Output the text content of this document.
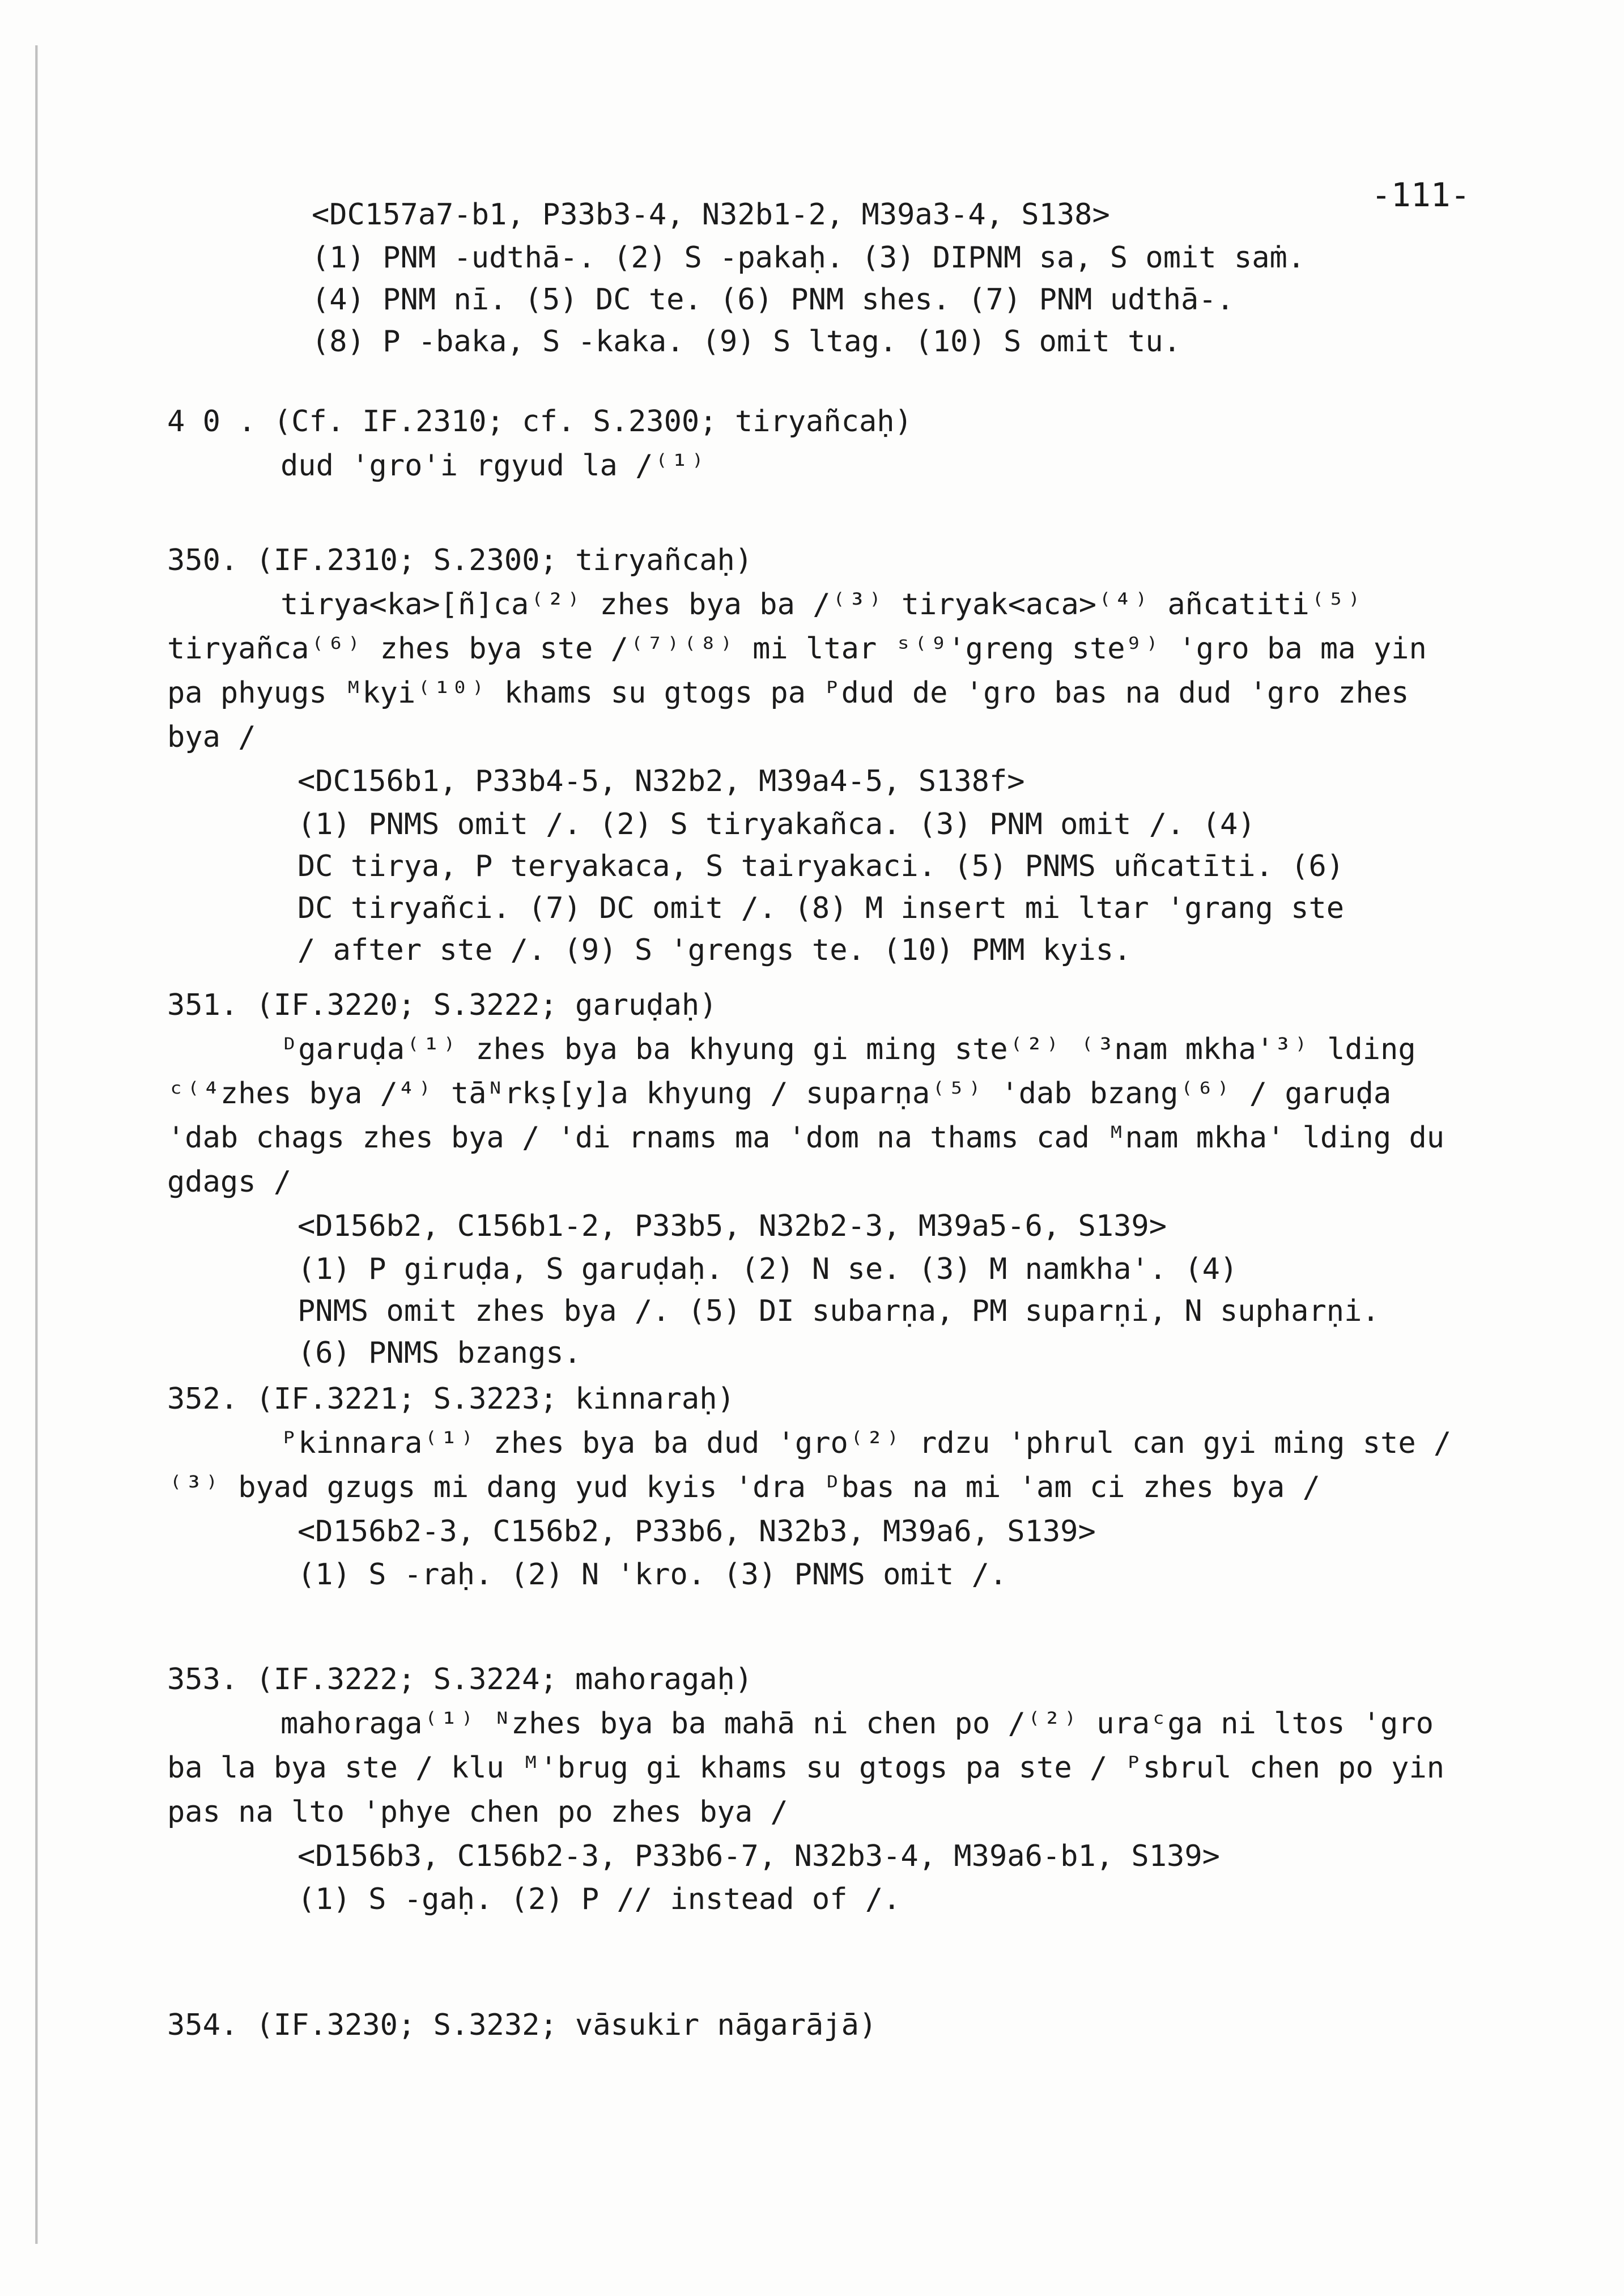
-111-
<DC157a7-b1, P33b3-4, N32b1-2, M39a3-4, S138>
(1) PNM -udthā-. (2) S -pakaḥ. (3) DIPNM sa, S omit saṁ.
(4) PNM nī. (5) DC te. (6) PNM shes. (7) PNM udthā-.
(8) P -baka, S -kaka. (9) S ltag. (10) S omit tu.

4 0 . (Cf. IF.2310; cf. S.2300; tiryañcaḥ)

dud 'gro'i rgyud la /⁽¹⁾

350. (IF.2310; S.2300; tiryañcaḥ)

tirya<ka>[ñ]ca⁽²⁾ zhes bya ba /⁽³⁾ tiryak<aca>⁽⁴⁾ añcatiti⁽⁵⁾ tiryañca⁽⁶⁾ zhes bya ste /⁽⁷⁾⁽⁸⁾ mi ltar ˢ⁽⁹'greng ste⁹⁾ 'gro ba ma yin pa phyugs ᴹkyi⁽¹⁰⁾ khams su gtogs pa ᴾdud de 'gro bas na dud 'gro zhes bya /

<DC156b1, P33b4-5, N32b2, M39a4-5, S138f>
(1) PNMS omit /. (2) S tiryakañca. (3) PNM omit /. (4)
DC tirya, P teryakaca, S tairyakaci. (5) PNMS uñcatīti. (6)
DC tiryañci. (7) DC omit /. (8) M insert mi ltar 'grang ste
/ after ste /. (9) S 'grengs te. (10) PMM kyis.

351. (IF.3220; S.3222; garuḍaḥ)

ᴰgaruḍa⁽¹⁾ zhes bya ba khyung gi ming ste⁽²⁾ ⁽³nam mkha'³⁾ lding ᶜ⁽⁴zhes bya /⁴⁾ tāᴺrkṣ[y]a khyung / suparṇa⁽⁵⁾ 'dab bzang⁽⁶⁾ / garuḍa 'dab chags zhes bya / 'di rnams ma 'dom na thams cad ᴹnam mkha' lding du gdags /

<D156b2, C156b1-2, P33b5, N32b2-3, M39a5-6, S139>
(1) P giruḍa, S garuḍaḥ. (2) N se. (3) M namkha'. (4)
PNMS omit zhes bya /. (5) DI subarṇa, PM suparṇi, N supharṇi.
(6) PNMS bzangs.

352. (IF.3221; S.3223; kinnaraḥ)

ᴾkinnara⁽¹⁾ zhes bya ba dud 'gro⁽²⁾ rdzu 'phrul can gyi ming ste /⁽³⁾ byad gzugs mi dang yud kyis 'dra ᴰbas na mi 'am ci zhes bya /

<D156b2-3, C156b2, P33b6, N32b3, M39a6, S139>
(1) S -raḥ. (2) N 'kro. (3) PNMS omit /.

353. (IF.3222; S.3224; mahoragaḥ)

mahoraga⁽¹⁾ ᴺzhes bya ba mahā ni chen po /⁽²⁾ uraᶜga ni ltos 'gro ba la bya ste / klu ᴹ'brug gi khams su gtogs pa ste / ᴾsbrul chen po yin pas na lto 'phye chen po zhes bya /

<D156b3, C156b2-3, P33b6-7, N32b3-4, M39a6-b1, S139>
(1) S -gaḥ. (2) P // instead of /.

354. (IF.3230; S.3232; vāsukir nāgarājā)
